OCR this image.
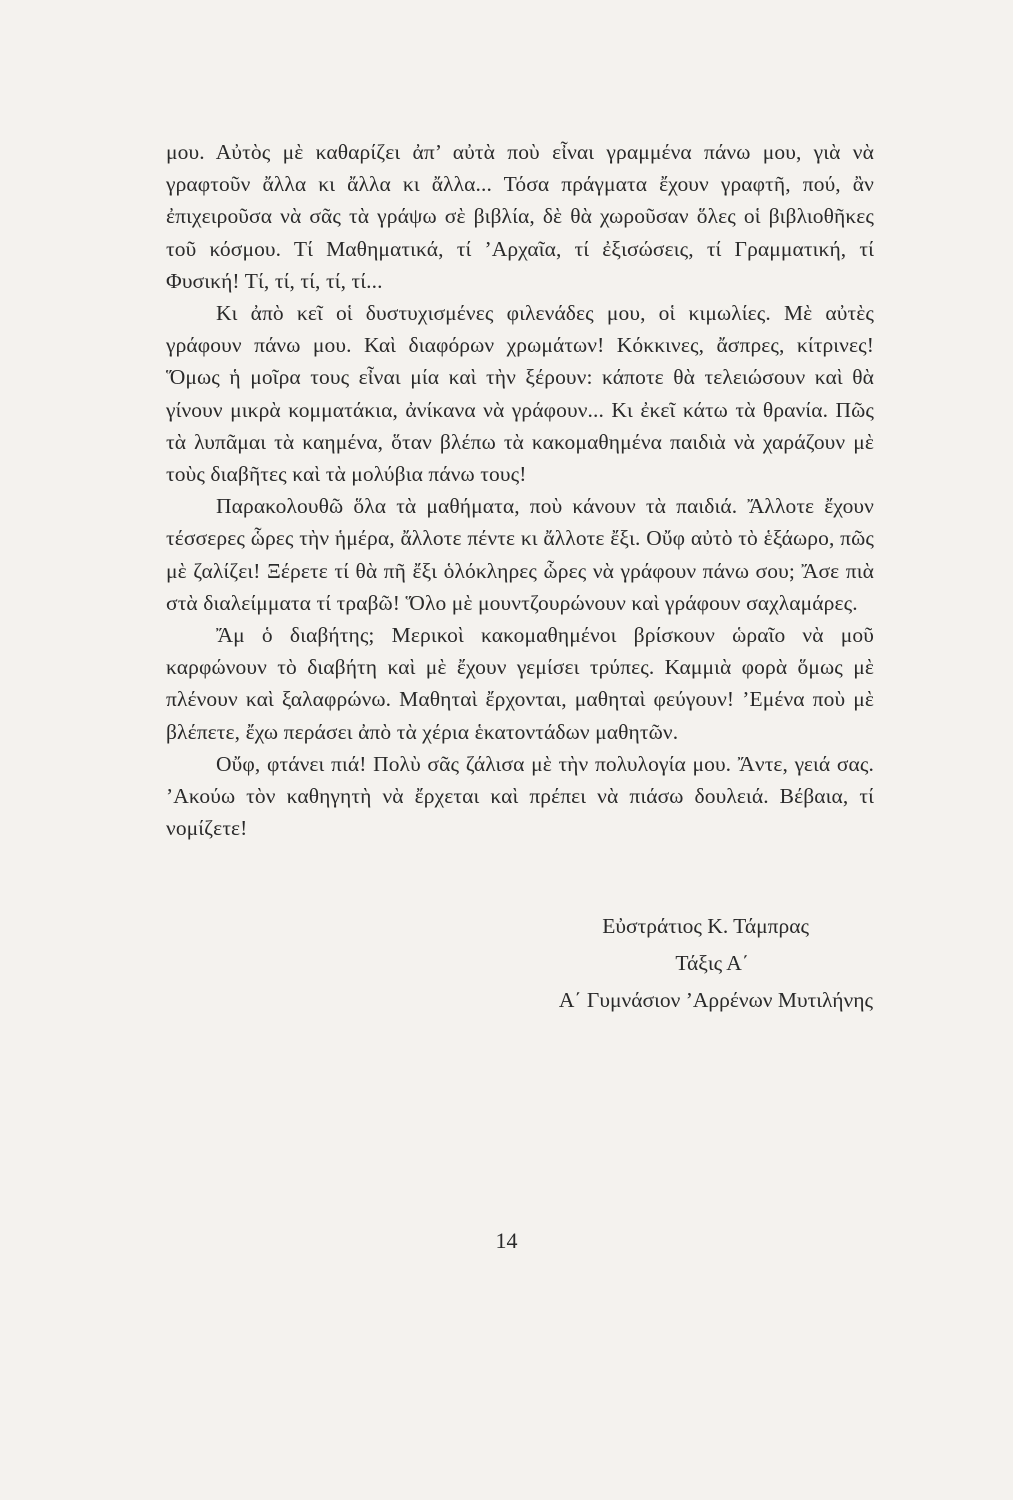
μου. Αὐτὸς μὲ καθαρίζει ἀπ’ αὐτὰ ποὺ εἶναι γραμμένα πάνω μου, γιὰ νὰ γραφτοῦν ἄλλα κι ἄλλα κι ἄλλα... Τόσα πράγματα ἔχουν γραφτῆ, πού, ἂν ἐπιχειροῦσα νὰ σᾶς τὰ γράψω σὲ βιβλία, δὲ θὰ χωροῦσαν ὅλες οἱ βιβλιοθῆκες τοῦ κόσμου. Τί Μαθηματικά, τί ’Αρχαῖα, τί ἐξισώσεις, τί Γραμματική, τί Φυσική! Τί, τί, τί, τί, τί...

Κι ἀπὸ κεῖ οἱ δυστυχισμένες φιλενάδες μου, οἱ κιμωλίες. Μὲ αὐτὲς γράφουν πάνω μου. Καὶ διαφόρων χρωμάτων! Κόκκινες, ἄσπρες, κίτρινες! Ὅμως ἡ μοῖρα τους εἶναι μία καὶ τὴν ξέρουν: κάποτε θὰ τελειώσουν καὶ θὰ γίνουν μικρὰ κομματάκια, ἀνίκανα νὰ γράφουν... Κι ἐκεῖ κάτω τὰ θρανία. Πῶς τὰ λυπᾶμαι τὰ καημένα, ὅταν βλέπω τὰ κακομαθημένα παιδιὰ νὰ χαράζουν μὲ τοὺς διαβῆτες καὶ τὰ μολύβια πάνω τους!

Παρακολουθῶ ὅλα τὰ μαθήματα, ποὺ κάνουν τὰ παιδιά. Ἄλλοτε ἔχουν τέσσερες ὧρες τὴν ἡμέρα, ἄλλοτε πέντε κι ἄλλοτε ἔξι. Οὔφ αὐτὸ τὸ ἑξάωρο, πῶς μὲ ζαλίζει! Ξέρετε τί θὰ πῆ ἔξι ὁλόκληρες ὧρες νὰ γράφουν πάνω σου; Ἄσε πιὰ στὰ διαλείμματα τί τραβῶ! Ὅλο μὲ μουντζουρώνουν καὶ γράφουν σαχλαμάρες.

Ἄμ ὁ διαβήτης; Μερικοὶ κακομαθημένοι βρίσκουν ὡραῖο νὰ μοῦ καρφώνουν τὸ διαβήτη καὶ μὲ ἔχουν γεμίσει τρύπες. Καμμιὰ φορὰ ὅμως μὲ πλένουν καὶ ξαλαφρώνω. Μαθηταὶ ἔρχονται, μαθηταὶ φεύγουν! ’Εμένα ποὺ μὲ βλέπετε, ἔχω περάσει ἀπὸ τὰ χέρια ἑκατοντάδων μαθητῶν.

Οὔφ, φτάνει πιά! Πολὺ σᾶς ζάλισα μὲ τὴν πολυλογία μου. Ἄντε, γειά σας. ’Ακούω τὸν καθηγητὴ νὰ ἔρχεται καὶ πρέπει νὰ πιάσω δουλειά. Βέβαια, τί νομίζετε!

Εὐστράτιος Κ. Τάμπρας
Τάξις Α΄
Α΄ Γυμνάσιον ’Αρρένων Μυτιλήνης
14
